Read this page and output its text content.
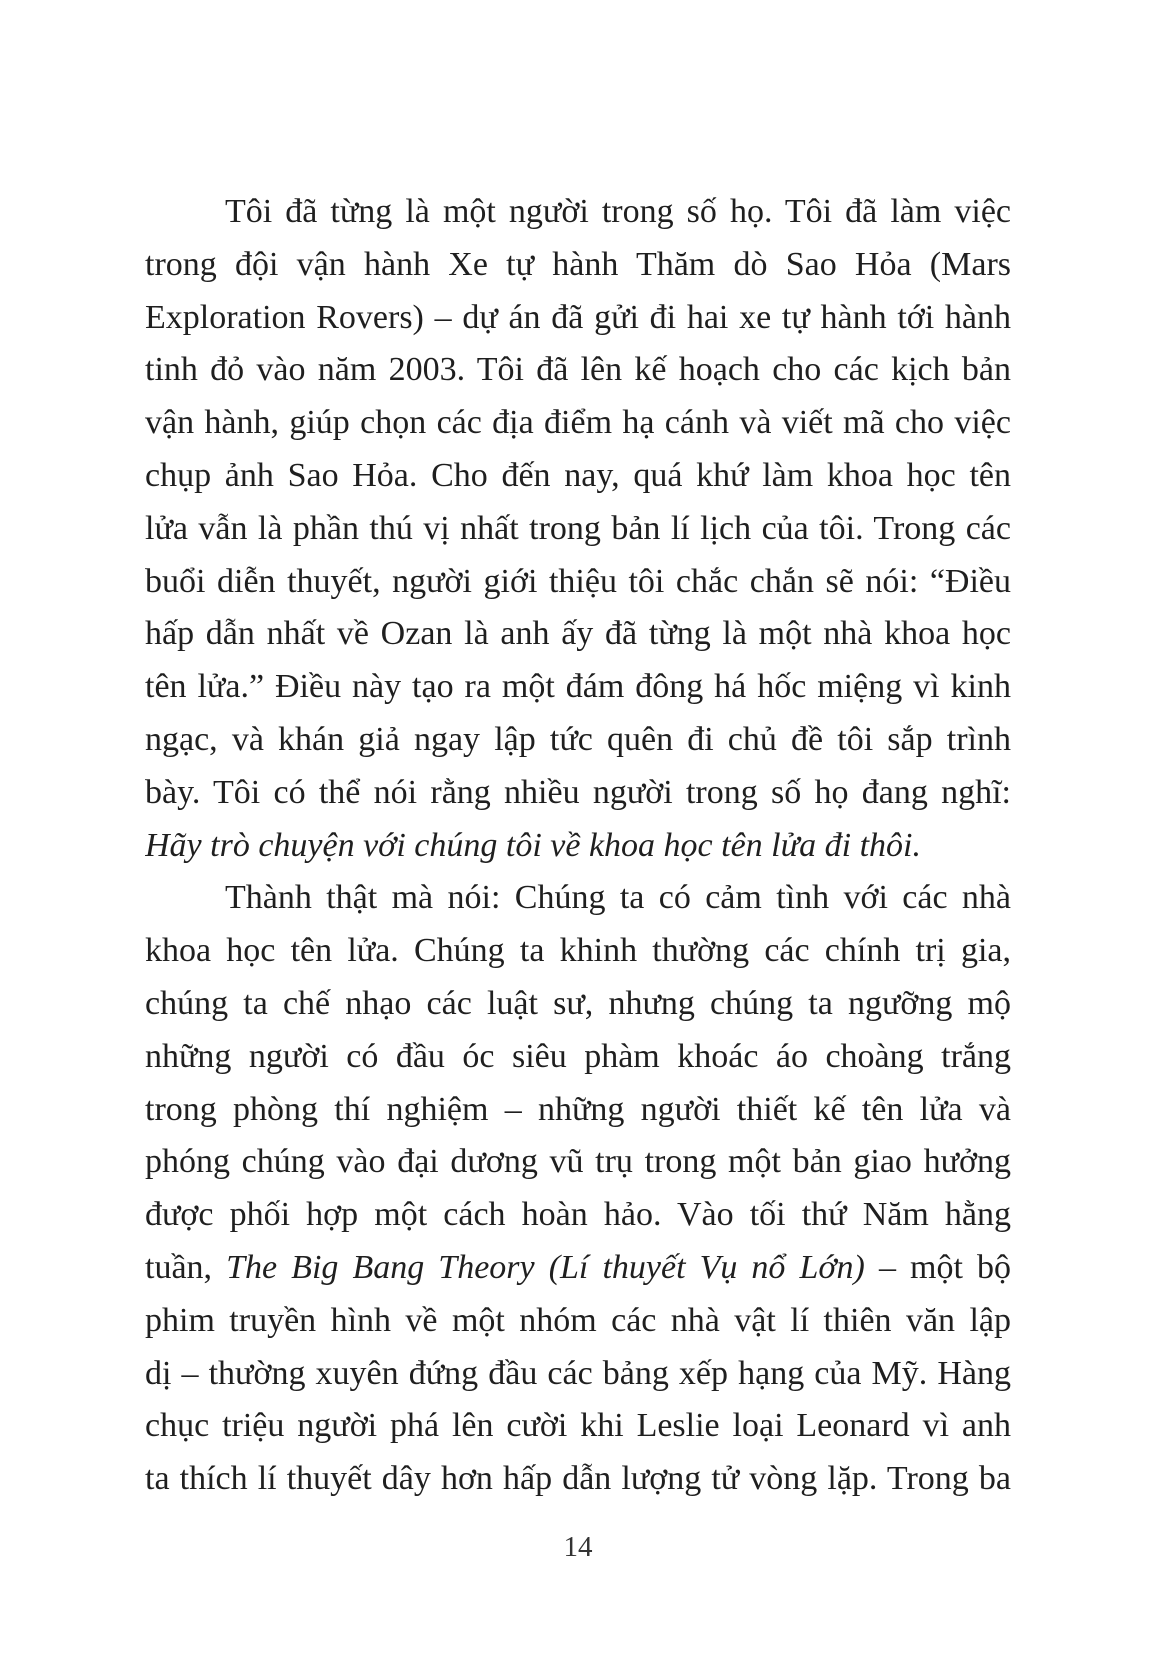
Tôi đã từng là một người trong số họ. Tôi đã làm việc
trong đội vận hành Xe tự hành Thăm dò Sao Hỏa (Mars
Exploration Rovers) – dự án đã gửi đi hai xe tự hành tới hành
tinh đỏ vào năm 2003. Tôi đã lên kế hoạch cho các kịch bản
vận hành, giúp chọn các địa điểm hạ cánh và viết mã cho việc
chụp ảnh Sao Hỏa. Cho đến nay, quá khứ làm khoa học tên
lửa vẫn là phần thú vị nhất trong bản lí lịch của tôi. Trong các
buổi diễn thuyết, người giới thiệu tôi chắc chắn sẽ nói: “Điều
hấp dẫn nhất về Ozan là anh ấy đã từng là một nhà khoa học
tên lửa.” Điều này tạo ra một đám đông há hốc miệng vì kinh
ngạc, và khán giả ngay lập tức quên đi chủ đề tôi sắp trình
bày. Tôi có thể nói rằng nhiều người trong số họ đang nghĩ:
Hãy trò chuyện với chúng tôi về khoa học tên lửa đi thôi.
Thành thật mà nói: Chúng ta có cảm tình với các nhà
khoa học tên lửa. Chúng ta khinh thường các chính trị gia,
chúng ta chế nhạo các luật sư, nhưng chúng ta ngưỡng mộ
những người có đầu óc siêu phàm khoác áo choàng trắng
trong phòng thí nghiệm – những người thiết kế tên lửa và
phóng chúng vào đại dương vũ trụ trong một bản giao hưởng
được phối hợp một cách hoàn hảo. Vào tối thứ Năm hằng
tuần, The Big Bang Theory (Lí thuyết Vụ nổ Lớn) – một bộ
phim truyền hình về một nhóm các nhà vật lí thiên văn lập
dị – thường xuyên đứng đầu các bảng xếp hạng của Mỹ. Hàng
chục triệu người phá lên cười khi Leslie loại Leonard vì anh
ta thích lí thuyết dây hơn hấp dẫn lượng tử vòng lặp. Trong ba
14
